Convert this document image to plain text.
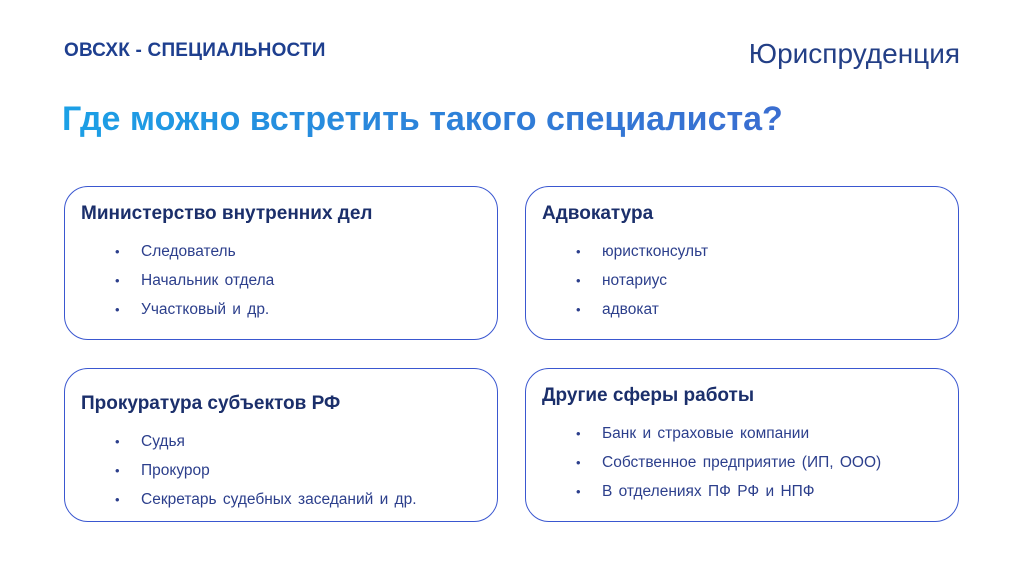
ОВСХК - СПЕЦИАЛЬНОСТИ	Юриспруденция
Где можно встретить такого специалиста?
Министерство внутренних дел
• Следователь
• Начальник отдела
• Участковый и др.
Адвокатура
• юристконсульт
• нотариус
• адвокат
Прокуратура субъектов РФ
• Судья
• Прокурор
• Секретарь судебных заседаний и др.
Другие сферы работы
• Банк и страховые компании
• Собственное предприятие (ИП, ООО)
• В отделениях ПФ РФ и НПФ
